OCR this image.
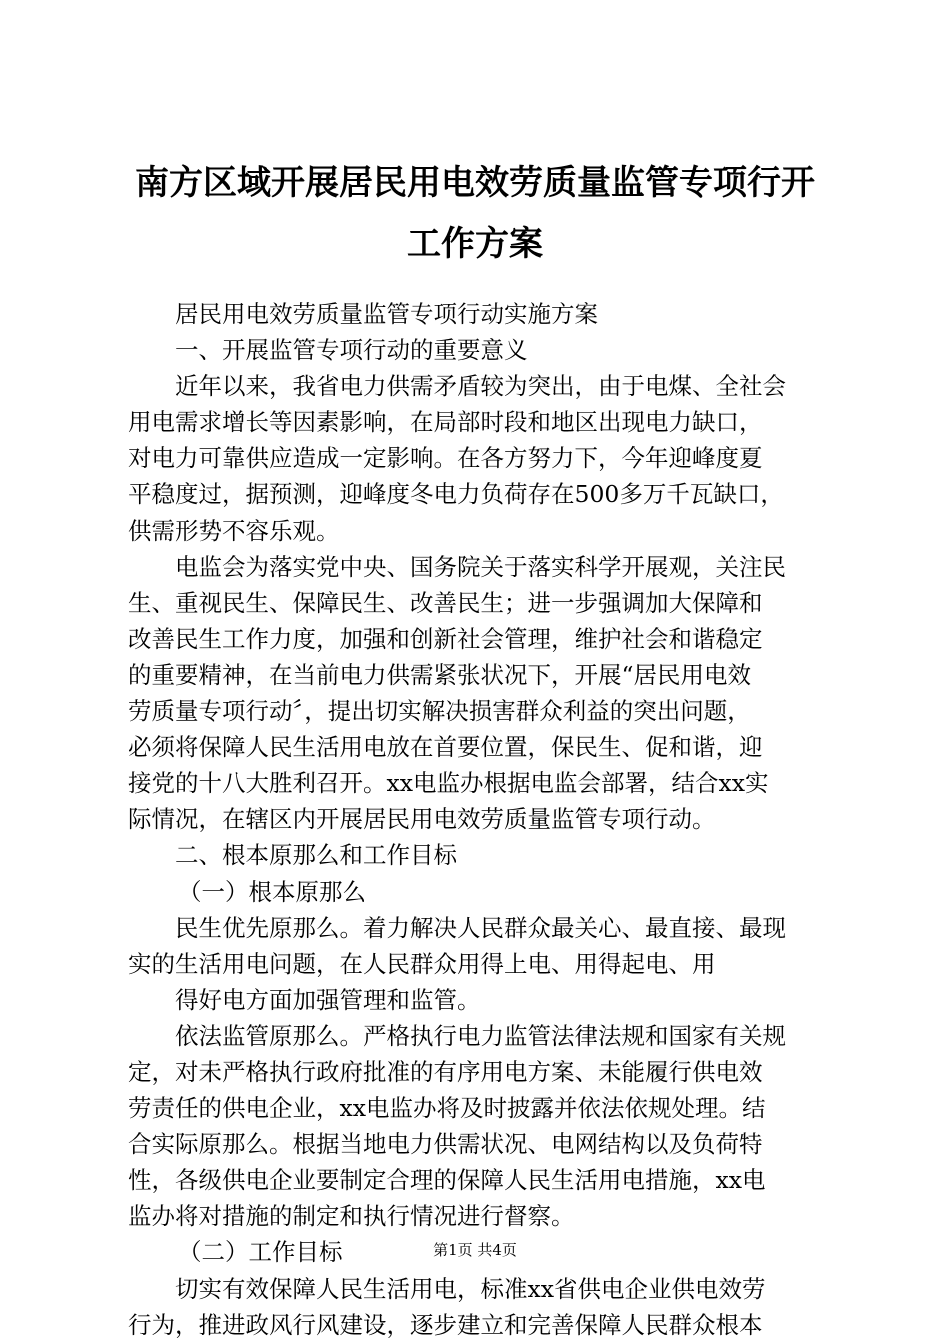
南方区域开展居民用电效劳质量监管专项行开
工作方案
居民用电效劳质量监管专项行动实施方案
一、开展监管专项行动的重要意义
近年以来，我省电力供需矛盾较为突出，由于电煤、全社会
用电需求增长等因素影响，在局部时段和地区出现电力缺口，
对电力可靠供应造成一定影响。在各方努力下，今年迎峰度夏
平稳度过，据预测，迎峰度冬电力负荷存在500多万千瓦缺口，
供需形势不容乐观。
电监会为落实党中央、国务院关于落实科学开展观，关注民
生、重视民生、保障民生、改善民生；进一步强调加大保障和
改善民生工作力度，加强和创新社会管理，维护社会和谐稳定
的重要精神，在当前电力供需紧张状况下，开展“居民用电效
劳质量专项行动〞，提出切实解决损害群众利益的突出问题，
必须将保障人民生活用电放在首要位置，保民生、促和谐，迎
接党的十八大胜利召开。xx电监办根据电监会部署，结合xx实
际情况，在辖区内开展居民用电效劳质量监管专项行动。
二、根本原那么和工作目标
（一）根本原那么
民生优先原那么。着力解决人民群众最关心、最直接、最现
实的生活用电问题，在人民群众用得上电、用得起电、用
得好电方面加强管理和监管。
依法监管原那么。严格执行电力监管法律法规和国家有关规
定，对未严格执行政府批准的有序用电方案、未能履行供电效
劳责任的供电企业，xx电监办将及时披露并依法依规处理。结
合实际原那么。根据当地电力供需状况、电网结构以及负荷特
性，各级供电企业要制定合理的保障人民生活用电措施，xx电
监办将对措施的制定和执行情况进行督察。
（二）工作目标
切实有效保障人民生活用电，标准xx省供电企业供电效劳
行为，推进政风行风建设，逐步建立和完善保障人民群众根本
第1页 共4页
